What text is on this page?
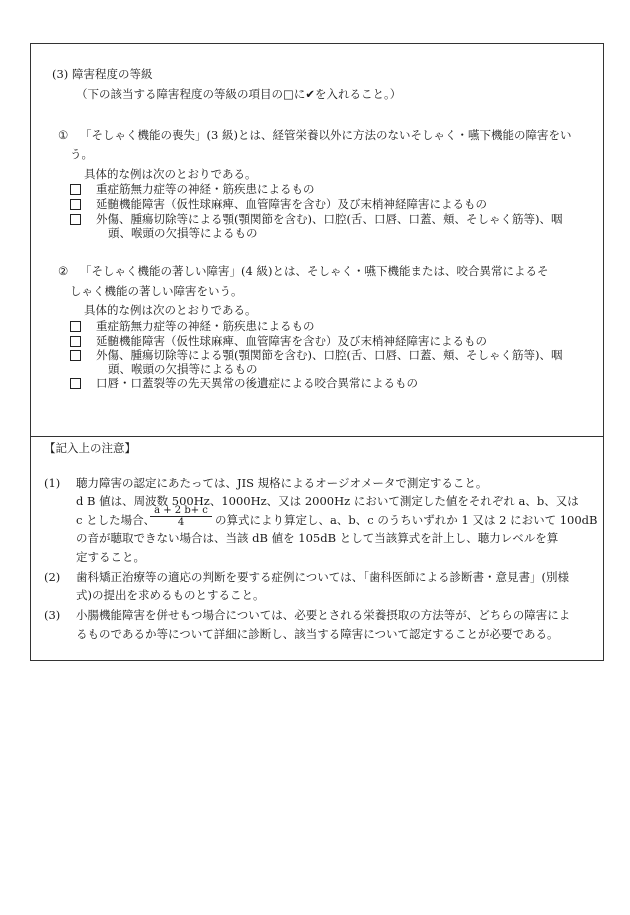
(3) 障害程度の等級
（下の該当する障害程度の等級の項目の□に✔を入れること。）
① 「そしゃく機能の喪失」(3 級)とは、経管栄養以外に方法のないそしゃく・嚥下機能の障害をい
う。
具体的な例は次のとおりである。
重症筋無力症等の神経・筋疾患によるもの
延髄機能障害（仮性球麻痺、血管障害を含む）及び末梢神経障害によるもの
外傷、腫瘍切除等による顎(顎関節を含む)、口腔(舌、口唇、口蓋、頬、そしゃく筋等)、咽
頭、喉頭の欠損等によるもの
② 「そしゃく機能の著しい障害」(4 級)とは、そしゃく・嚥下機能または、咬合異常によるそ
しゃく機能の著しい障害をいう。
具体的な例は次のとおりである。
重症筋無力症等の神経・筋疾患によるもの
延髄機能障害（仮性球麻痺、血管障害を含む）及び末梢神経障害によるもの
外傷、腫瘍切除等による顎(顎関節を含む)、口腔(舌、口唇、口蓋、頬、そしゃく筋等)、咽
頭、喉頭の欠損等によるもの
口唇・口蓋裂等の先天異常の後遺症による咬合異常によるもの
【記入上の注意】
(1) 聴力障害の認定にあたっては、JIS 規格によるオージオメータで測定すること。
d B 値は、周波数 500Hz、1000Hz、又は 2000Hz において測定した値をそれぞれ a、b、又は
c とした場合、
$\frac{a + 2 b+ c}{4}$ の算式により算定し、a、b、c のうちいずれか 1 又は 2 において 100dB
の音が聴取できない場合は、当該 dB 値を 105dB として当該算式を計上し、聴力レベルを算
定すること。
(2) 歯科矯正治療等の適応の判断を要する症例については、「歯科医師による診断書・意見書」(別様
式)の提出を求めるものとすること。
(3) 小腸機能障害を併せもつ場合については、必要とされる栄養摂取の方法等が、どちらの障害によ
るものであるか等について詳細に診断し、該当する障害について認定することが必要である。
